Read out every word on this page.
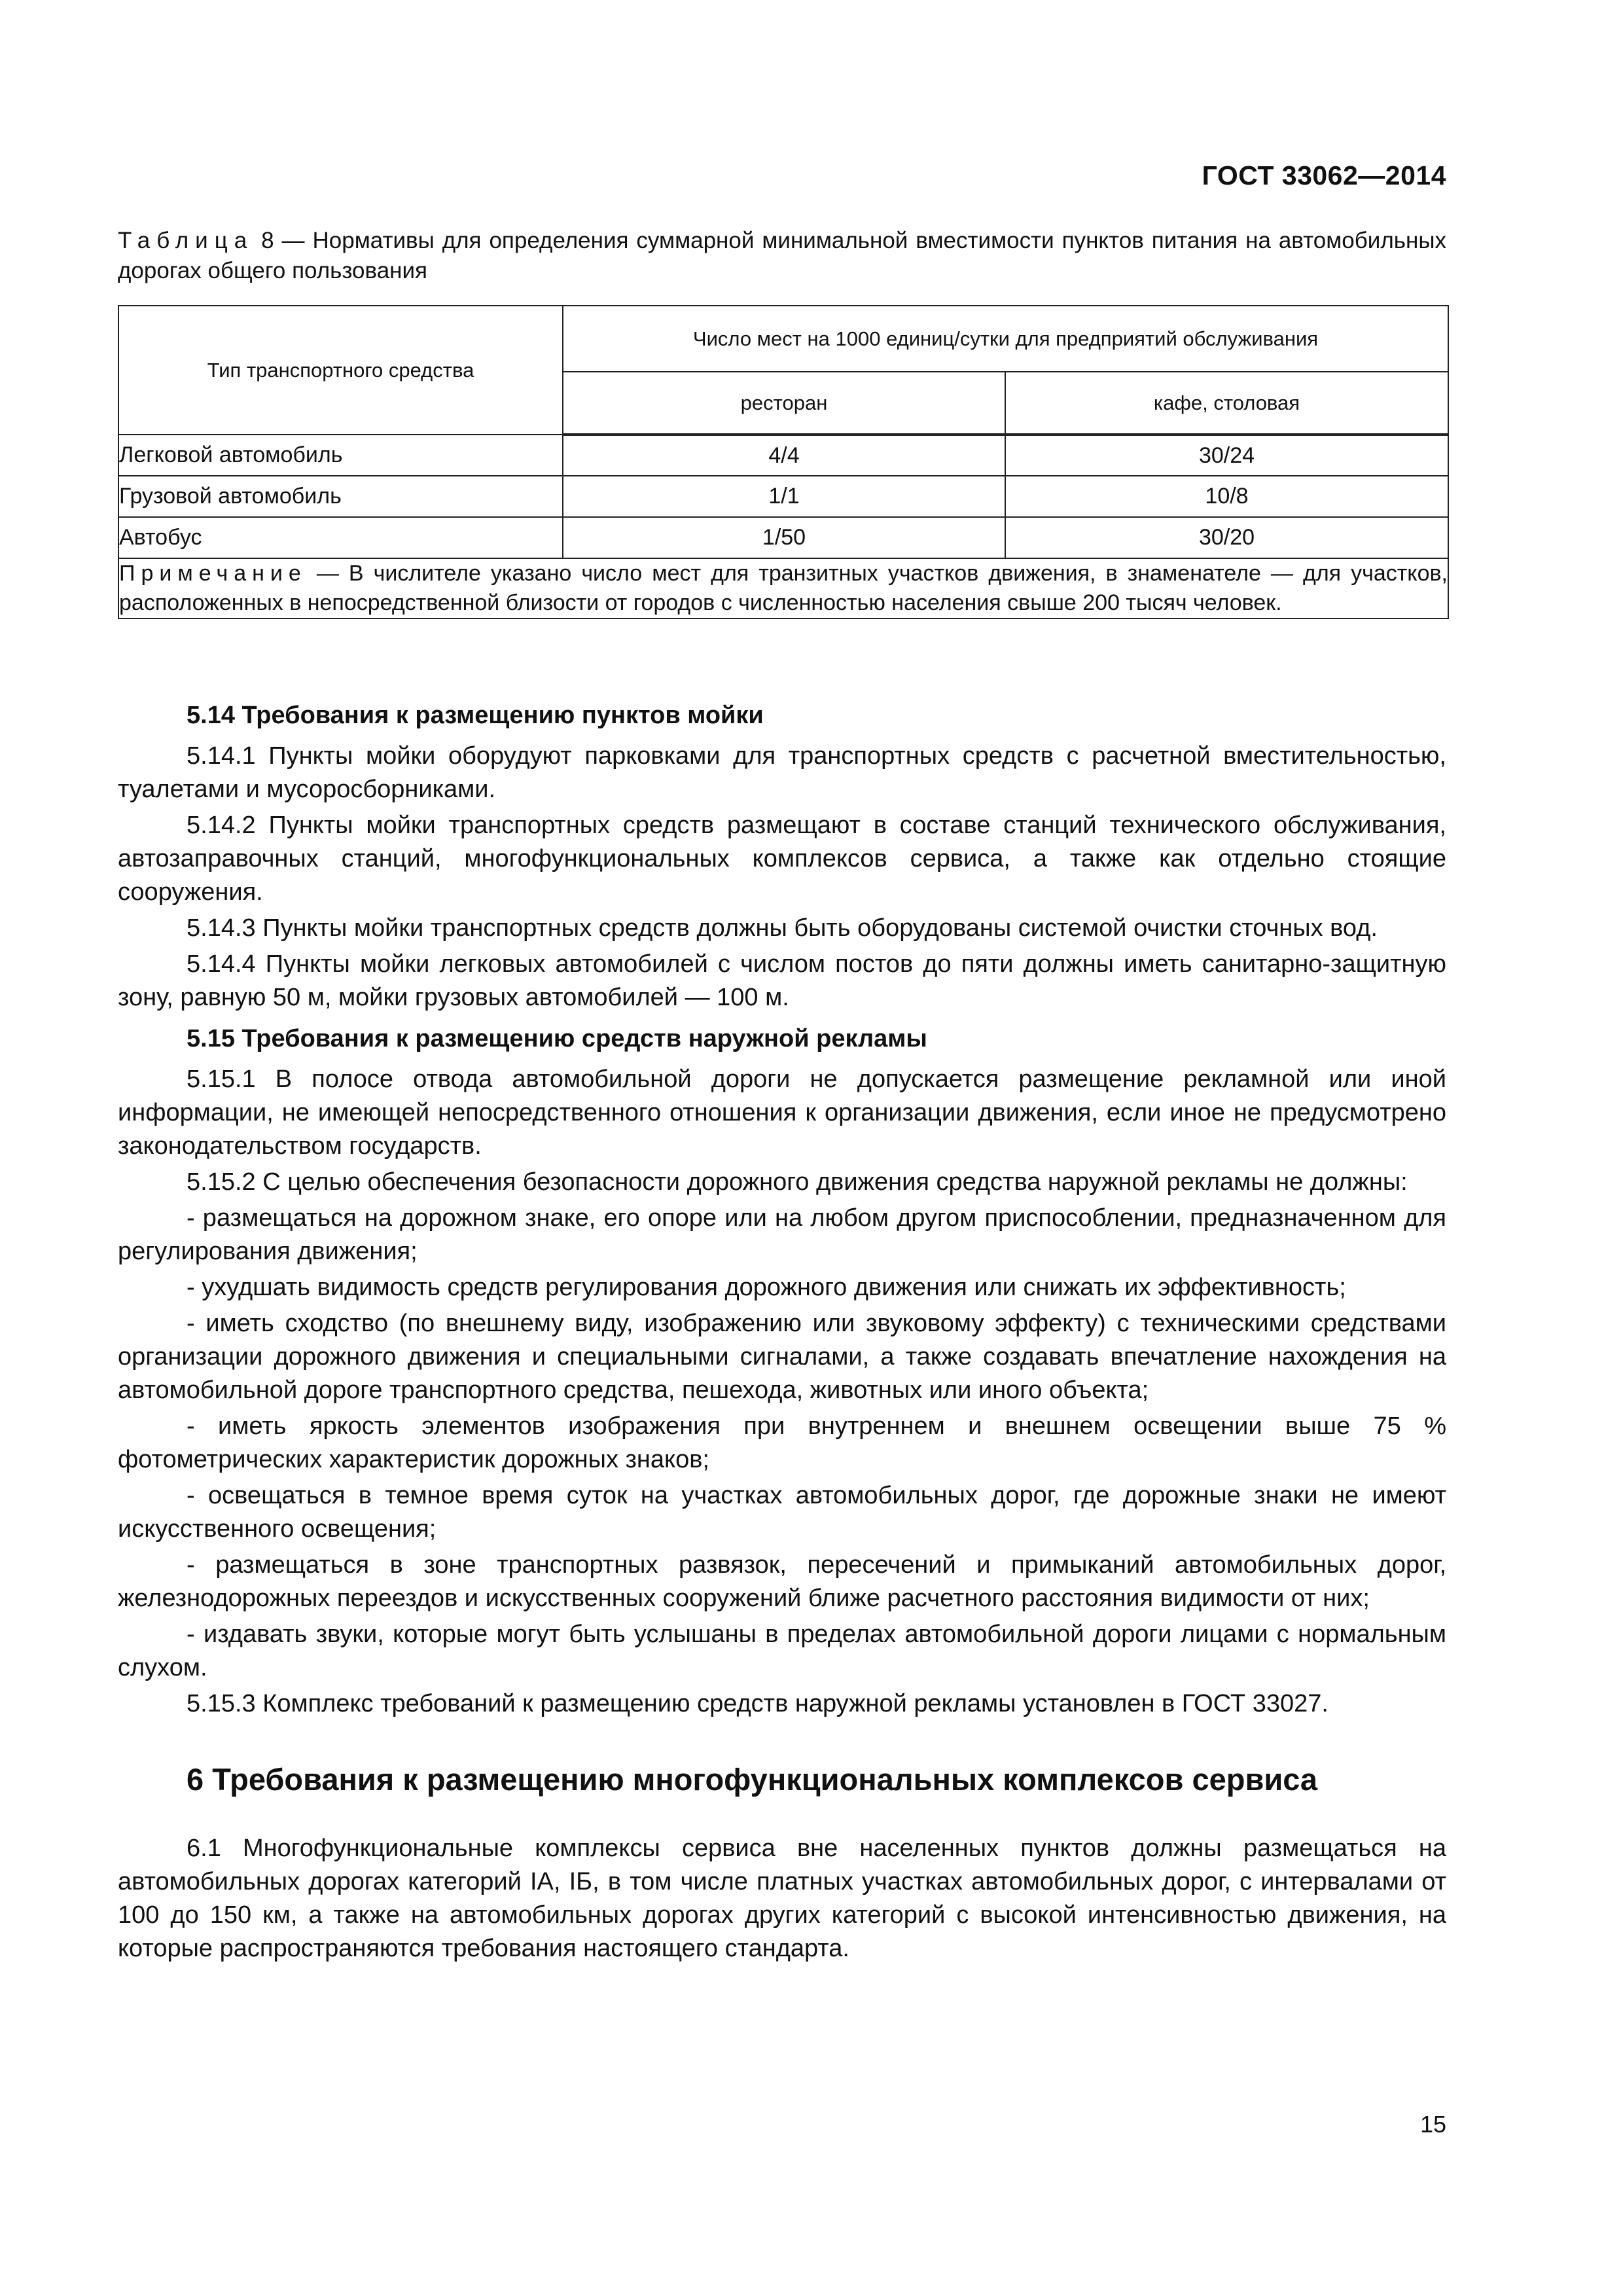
ГОСТ 33062—2014
Таблица 8 — Нормативы для определения суммарной минимальной вместимости пунктов питания на автомобильных дорогах общего пользования
Тип транспортного средства	Число мест на 1000 единиц/сутки для предприятий обслуживания	
	ресторан	кафе, столовая
Легковой автомобиль	4/4	30/24
Грузовой автомобиль	1/1	10/8
Автобус	1/50	30/20
Примечание — В числителе указано число мест для транзитных участков движения, в знаменателе — для участков, расположенных в непосредственной близости от городов с численностью населения свыше 200 тысяч человек.		
5.14 Требования к размещению пунктов мойки

5.14.1 Пункты мойки оборудуют парковками для транспортных средств с расчетной вместительностью, туалетами и мусоросборниками.

5.14.2 Пункты мойки транспортных средств размещают в составе станций технического обслуживания, автозаправочных станций, многофункциональных комплексов сервиса, а также как отдельно стоящие сооружения.

5.14.3 Пункты мойки транспортных средств должны быть оборудованы системой очистки сточных вод.

5.14.4 Пункты мойки легковых автомобилей с числом постов до пяти должны иметь санитарно-защитную зону, равную 50 м, мойки грузовых автомобилей — 100 м.

5.15 Требования к размещению средств наружной рекламы

5.15.1 В полосе отвода автомобильной дороги не допускается размещение рекламной или иной информации, не имеющей непосредственного отношения к организации движения, если иное не предусмотрено законодательством государств.

5.15.2 С целью обеспечения безопасности дорожного движения средства наружной рекламы не должны:

- размещаться на дорожном знаке, его опоре или на любом другом приспособлении, предназначенном для регулирования движения;

- ухудшать видимость средств регулирования дорожного движения или снижать их эффективность;

- иметь сходство (по внешнему виду, изображению или звуковому эффекту) с техническими средствами организации дорожного движения и специальными сигналами, а также создавать впечатление нахождения на автомобильной дороге транспортного средства, пешехода, животных или иного объекта;

- иметь яркость элементов изображения при внутреннем и внешнем освещении выше 75 % фотометрических характеристик дорожных знаков;

- освещаться в темное время суток на участках автомобильных дорог, где дорожные знаки не имеют искусственного освещения;

- размещаться в зоне транспортных развязок, пересечений и примыканий автомобильных дорог, железнодорожных переездов и искусственных сооружений ближе расчетного расстояния видимости от них;

- издавать звуки, которые могут быть услышаны в пределах автомобильной дороги лицами с нормальным слухом.

5.15.3 Комплекс требований к размещению средств наружной рекламы установлен в ГОСТ 33027.

6 Требования к размещению многофункциональных комплексов сервиса

6.1 Многофункциональные комплексы сервиса вне населенных пунктов должны размещаться на автомобильных дорогах категорий IА, IБ, в том числе платных участках автомобильных дорог, с интервалами от 100 до 150 км, а также на автомобильных дорогах других категорий с высокой интенсивностью движения, на которые распространяются требования настоящего стандарта.

15
